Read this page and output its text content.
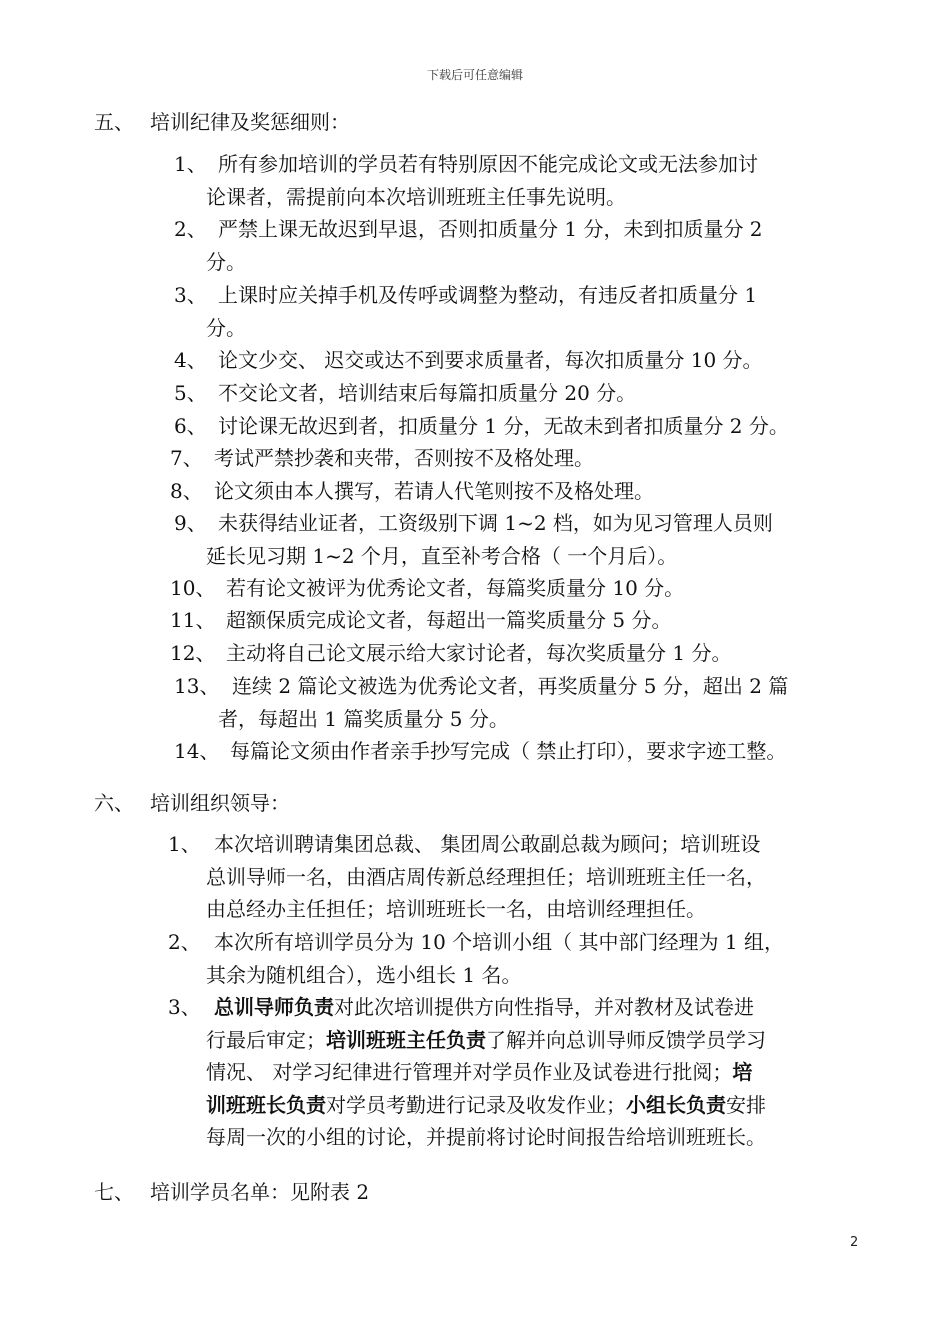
下载后可任意编辑
五、 培训纪律及奖惩细则：
1、 所有参加培训的学员若有特别原因不能完成论文或无法参加讨
论课者，需提前向本次培训班班主任事先说明。
2、 严禁上课无故迟到早退，否则扣质量分 1 分，未到扣质量分 2
分。
3、 上课时应关掉手机及传呼或调整为整动，有违反者扣质量分 1
分。
4、 论文少交、 迟交或达不到要求质量者，每次扣质量分 10 分。
5、 不交论文者，培训结束后每篇扣质量分 20 分。
6、 讨论课无故迟到者，扣质量分 1 分，无故未到者扣质量分 2 分。
7、 考试严禁抄袭和夹带，否则按不及格处理。
8、 论文须由本人撰写，若请人代笔则按不及格处理。
9、 未获得结业证者，工资级别下调 1~2 档，如为见习管理人员则
延长见习期 1~2 个月，直至补考合格（ 一个月后）。
10、 若有论文被评为优秀论文者，每篇奖质量分 10 分。
11、 超额保质完成论文者，每超出一篇奖质量分 5 分。
12、 主动将自己论文展示给大家讨论者，每次奖质量分 1 分。
13、 连续 2 篇论文被选为优秀论文者，再奖质量分 5 分，超出 2 篇
者，每超出 1 篇奖质量分 5 分。
14、 每篇论文须由作者亲手抄写完成（ 禁止打印），要求字迹工整。
六、 培训组织领导：
1、 本次培训聘请集团总裁、 集团周公敢副总裁为顾问；培训班设
总训导师一名，由酒店周传新总经理担任；培训班班主任一名，
由总经办主任担任；培训班班长一名，由培训经理担任。
2、 本次所有培训学员分为 10 个培训小组（ 其中部门经理为 1 组，
其余为随机组合），选小组长 1 名。
3、 总训导师负责对此次培训提供方向性指导，并对教材及试卷进
行最后审定；培训班班主任负责了解并向总训导师反馈学员学习
情况、 对学习纪律进行管理并对学员作业及试卷进行批阅；培
训班班长负责对学员考勤进行记录及收发作业；小组长负责安排
每周一次的小组的讨论，并提前将讨论时间报告给培训班班长。
七、 培训学员名单：见附表 2
2
